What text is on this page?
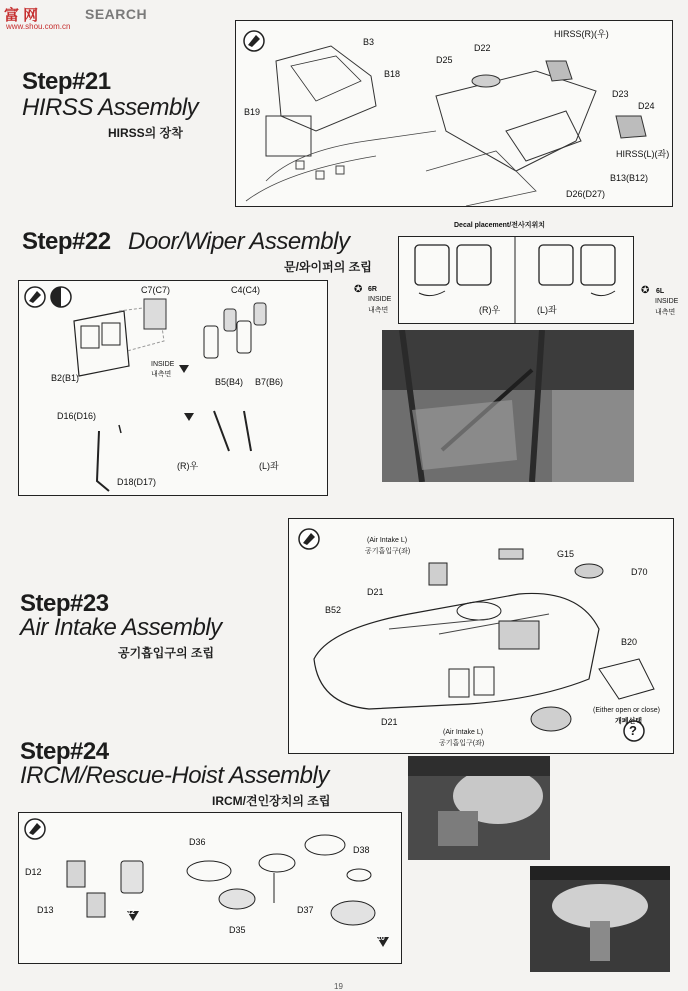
富 网	SEARCH
www.shou.com.cn
Step#21
HIRSS Assembly
HIRSS의 장착
B3
B18
B19
D25
D22
HIRSS(R)(우)
D23
D24
HIRSS(L)(좌)
B13(B12)
D26(D27)
Step#22 Door/Wiper Assembly
문/와이퍼의 조립
Decal placement/전사지위치
(R)우	(L)좌
✪ 6R
INSIDE
내측면
✪ 6L
INSIDE
내측면
C7(C7)	C4(C4)
B2(B1)
INSIDE
내측면
B5(B4) B7(B6)
D16(D16)
D18(D17)
(R)우	(L)좌
Step#23
Air Intake Assembly
공기흡입구의 조립
(Air Intake L)
공기흡입구(좌)	G15
D70
D21
B52
B20
D21
(Air Intake L)
공기흡입구(좌)
(Either open or close)
개폐선택
?
Step#24
IRCM/Rescue-Hoist Assembly
IRCM/견인장치의 조립
D12
D13
D36
D38
D37
D35
12
10
19
